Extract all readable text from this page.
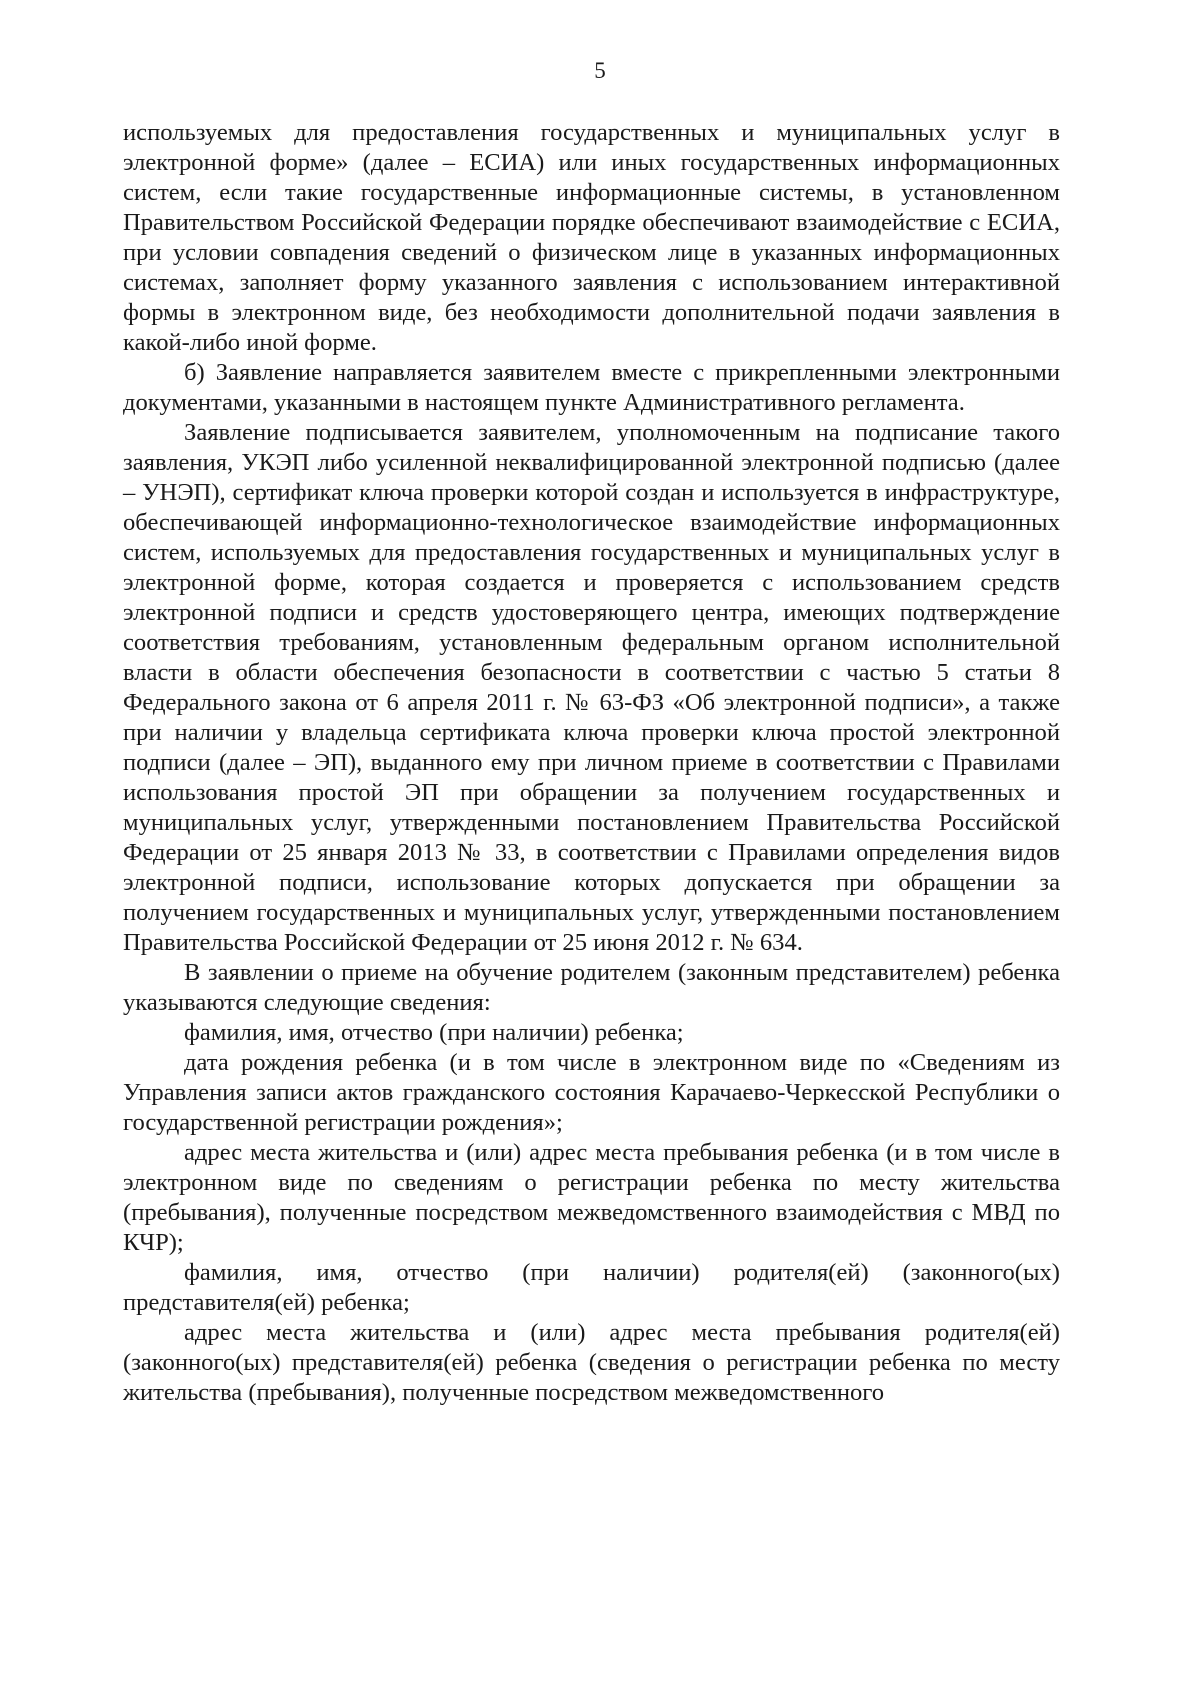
5

используемых для предоставления государственных и муниципальных услуг в электронной форме» (далее – ЕСИА) или иных государственных информационных систем, если такие государственные информационные системы, в установленном Правительством Российской Федерации порядке обеспечивают взаимодействие с ЕСИА, при условии совпадения сведений о физическом лице в указанных информационных системах, заполняет форму указанного заявления с использованием интерактивной формы в электронном виде, без необходимости дополнительной подачи заявления в какой-либо иной форме.

б) Заявление направляется заявителем вместе с прикрепленными электронными документами, указанными в настоящем пункте Административного регламента.

Заявление подписывается заявителем, уполномоченным на подписание такого заявления, УКЭП либо усиленной неквалифицированной электронной подписью (далее – УНЭП), сертификат ключа проверки которой создан и используется в инфраструктуре, обеспечивающей информационно-технологическое взаимодействие информационных систем, используемых для предоставления государственных и муниципальных услуг в электронной форме, которая создается и проверяется с использованием средств электронной подписи и средств удостоверяющего центра, имеющих подтверждение соответствия требованиям, установленным федеральным органом исполнительной власти в области обеспечения безопасности в соответствии с частью 5 статьи 8 Федерального закона от 6 апреля 2011 г. № 63-ФЗ «Об электронной подписи», а также при наличии у владельца сертификата ключа проверки ключа простой электронной подписи (далее – ЭП), выданного ему при личном приеме в соответствии с Правилами использования простой ЭП при обращении за получением государственных и муниципальных услуг, утвержденными постановлением Правительства Российской Федерации от 25 января 2013 № 33, в соответствии с Правилами определения видов электронной подписи, использование которых допускается при обращении за получением государственных и муниципальных услуг, утвержденными постановлением Правительства Российской Федерации от 25 июня 2012 г. № 634.

В заявлении о приеме на обучение родителем (законным представителем) ребенка указываются следующие сведения:

фамилия, имя, отчество (при наличии) ребенка;

дата рождения ребенка (и в том числе в электронном виде по «Сведениям из Управления записи актов гражданского состояния Карачаево-Черкесской Республики о государственной регистрации рождения»;

адрес места жительства и (или) адрес места пребывания ребенка (и в том числе в электронном виде по сведениям о регистрации ребенка по месту жительства (пребывания), полученные посредством межведомственного взаимодействия с МВД по КЧР);

фамилия, имя, отчество (при наличии) родителя(ей) (законного(ых) представителя(ей) ребенка;

адрес места жительства и (или) адрес места пребывания родителя(ей) (законного(ых) представителя(ей) ребенка (сведения о регистрации ребенка по месту жительства (пребывания), полученные посредством межведомственного
